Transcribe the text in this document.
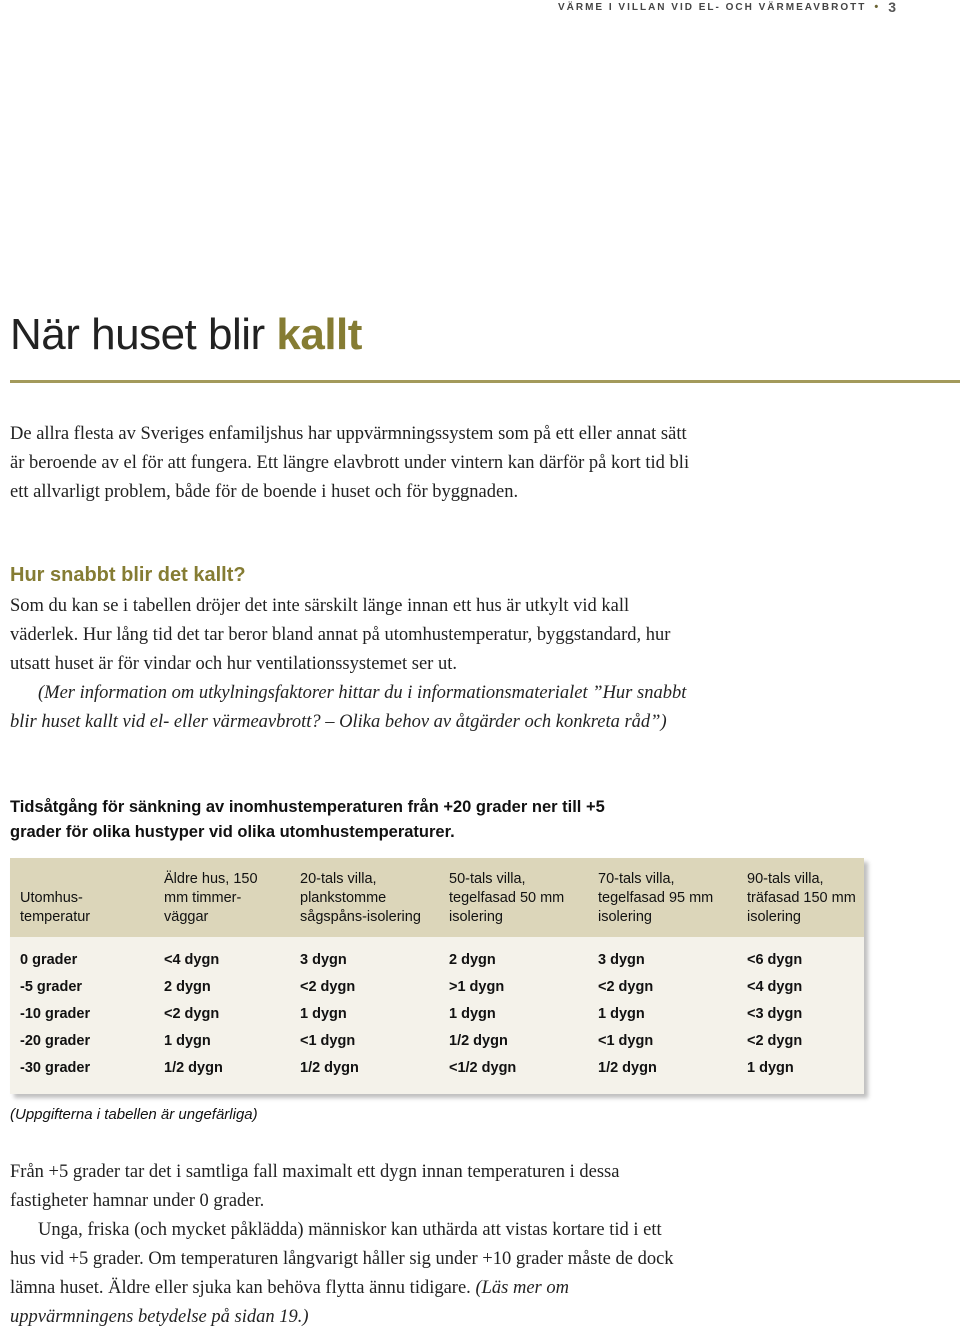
VÄRME I VILLAN VID EL- OCH VÄRMEAVBROTT • 3
När huset blir kallt

De allra flesta av Sveriges enfamiljshus har uppvärmningssystem som på ett eller annat sätt är beroende av el för att fungera. Ett längre elavbrott under vintern kan därför på kort tid bli ett allvarligt problem, både för de boende i huset och för byggnaden.

Hur snabbt blir det kallt?
Som du kan se i tabellen dröjer det inte särskilt länge innan ett hus är utkylt vid kall väderlek. Hur lång tid det tar beror bland annat på utomhustemperatur, byggstandard, hur utsatt huset är för vindar och hur ventilationssystemet ser ut.
(Mer information om utkylningsfaktorer hittar du i informationsmaterialet ”Hur snabbt blir huset kallt vid el- eller värmeavbrott? – Olika behov av åtgärder och konkreta råd”)
Tidsåtgång för sänkning av inomhustemperaturen från +20 grader ner till +5 grader för olika hustyper vid olika utomhustemperaturer.
Utomhus-temperatur	Äldre hus, 150 mm timmer-väggar	20-tals villa, plankstomme sågspåns-isolering	50-tals villa, tegelfasad 50 mm isolering	70-tals villa, tegelfasad 95 mm isolering	90-tals villa, träfasad 150 mm isolering
0 grader	<4 dygn	3 dygn	2 dygn	3 dygn	<6 dygn
-5 grader	2 dygn	<2 dygn	>1 dygn	<2 dygn	<4 dygn
-10 grader	<2 dygn	1 dygn	1 dygn	1 dygn	<3 dygn
-20 grader	1 dygn	<1 dygn	1/2 dygn	<1 dygn	<2 dygn
-30 grader	1/2 dygn	1/2 dygn	<1/2 dygn	1/2 dygn	1 dygn
(Uppgifterna i tabellen är ungefärliga)
Från +5 grader tar det i samtliga fall maximalt ett dygn innan temperaturen i dessa fastigheter hamnar under 0 grader.
Unga, friska (och mycket påklädda) människor kan uthärda att vistas kortare tid i ett hus vid +5 grader. Om temperaturen långvarigt håller sig under +10 grader måste de dock lämna huset. Äldre eller sjuka kan behöva flytta ännu tidigare. (Läs mer om uppvärmningens betydelse på sidan 19.)
